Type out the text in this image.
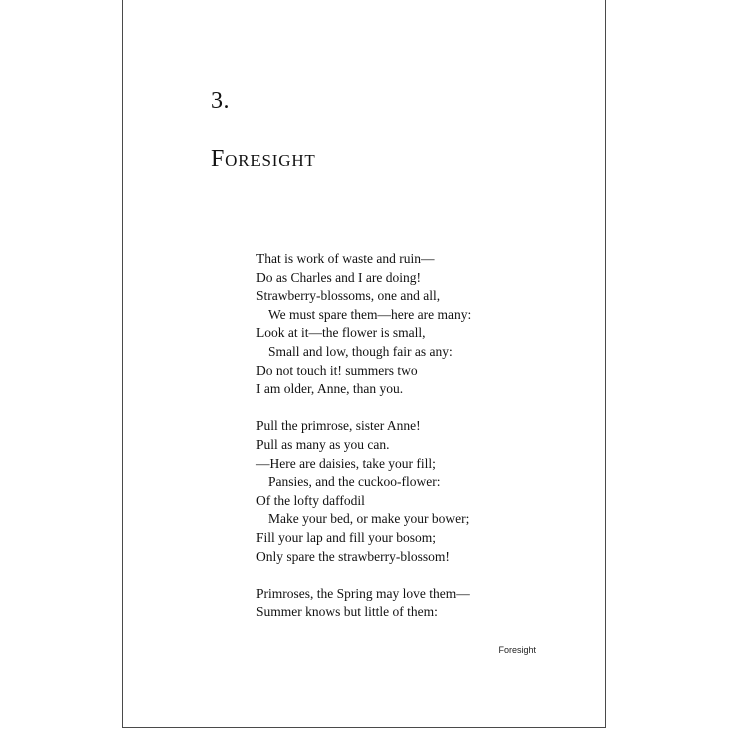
3.
Foresight
That is work of waste and ruin—
Do as Charles and I are doing!
Strawberry-blossoms, one and all,
We must spare them—here are many:
Look at it—the flower is small,
Small and low, though fair as any:
Do not touch it! summers two
I am older, Anne, than you.
Pull the primrose, sister Anne!
Pull as many as you can.
—Here are daisies, take your fill;
Pansies, and the cuckoo-flower:
Of the lofty daffodil
Make your bed, or make your bower;
Fill your lap and fill your bosom;
Only spare the strawberry-blossom!
Primroses, the Spring may love them—
Summer knows but little of them:
Foresight
